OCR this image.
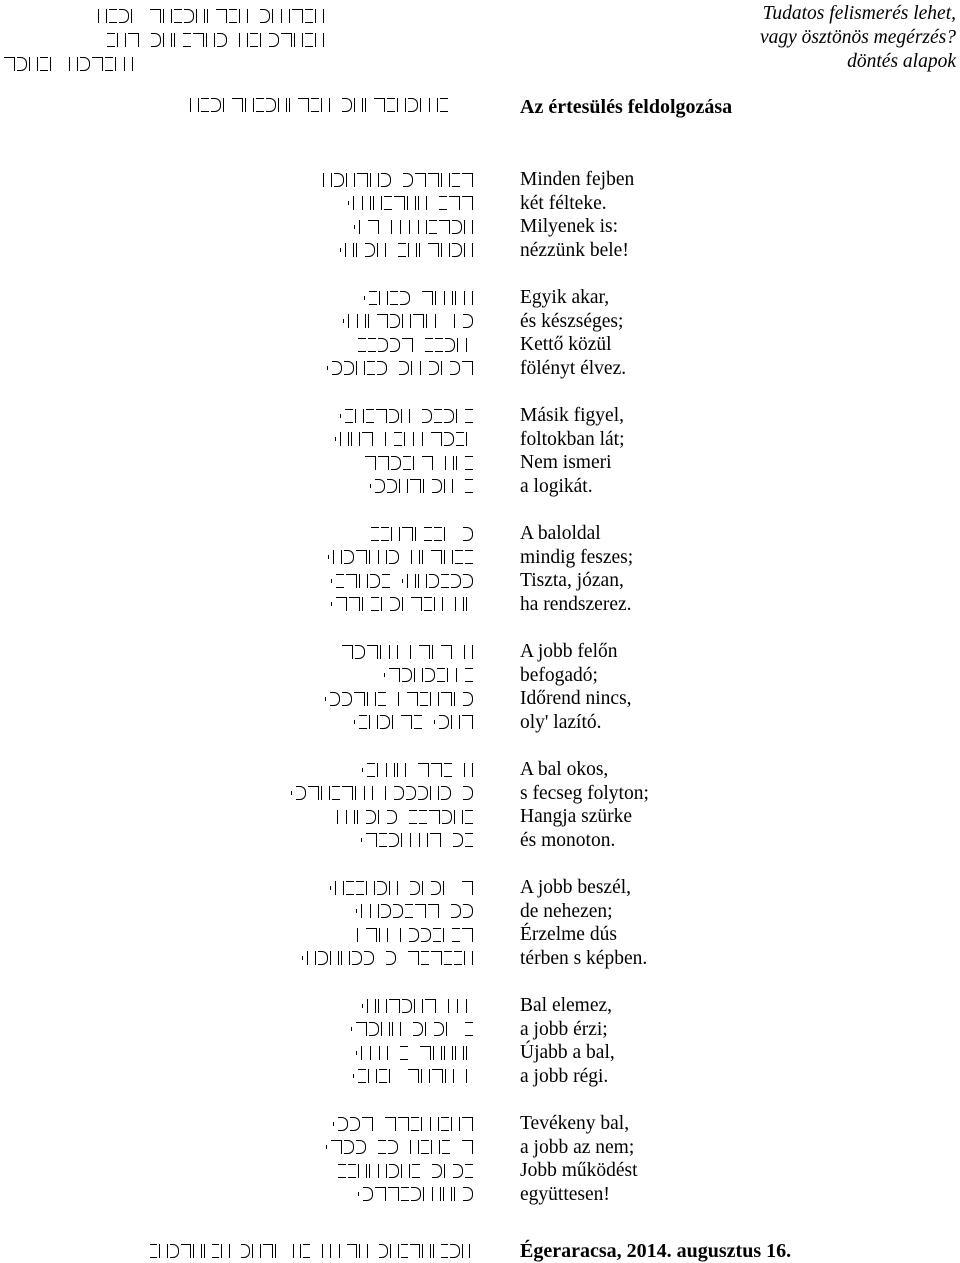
Tudatos felismerés lehet,
vagy ösztönös megérzés?
döntés alapok
Az értesülés feldolgozása
Minden fejben
két félteke.
Milyenek is:
nézzünk bele!
Egyik akar,
és készséges;
Kettő közül
fölényt élvez.
Másik figyel,
foltokban lát;
Nem ismeri
a logikát.
A baloldal
mindig feszes;
Tiszta, józan,
ha rendszerez.
A jobb felőn
befogadó;
Időrend nincs,
oly' lazító.
A bal okos,
s fecseg folyton;
Hangja szürke
és monoton.
A jobb beszél,
de nehezen;
Érzelme dús
térben s képben.
Bal elemez,
a jobb érzi;
Újabb a bal,
a jobb régi.
Tevékeny bal,
a jobb az nem;
Jobb működést
együttesen!
Égeraracsa, 2014. augusztus 16.
